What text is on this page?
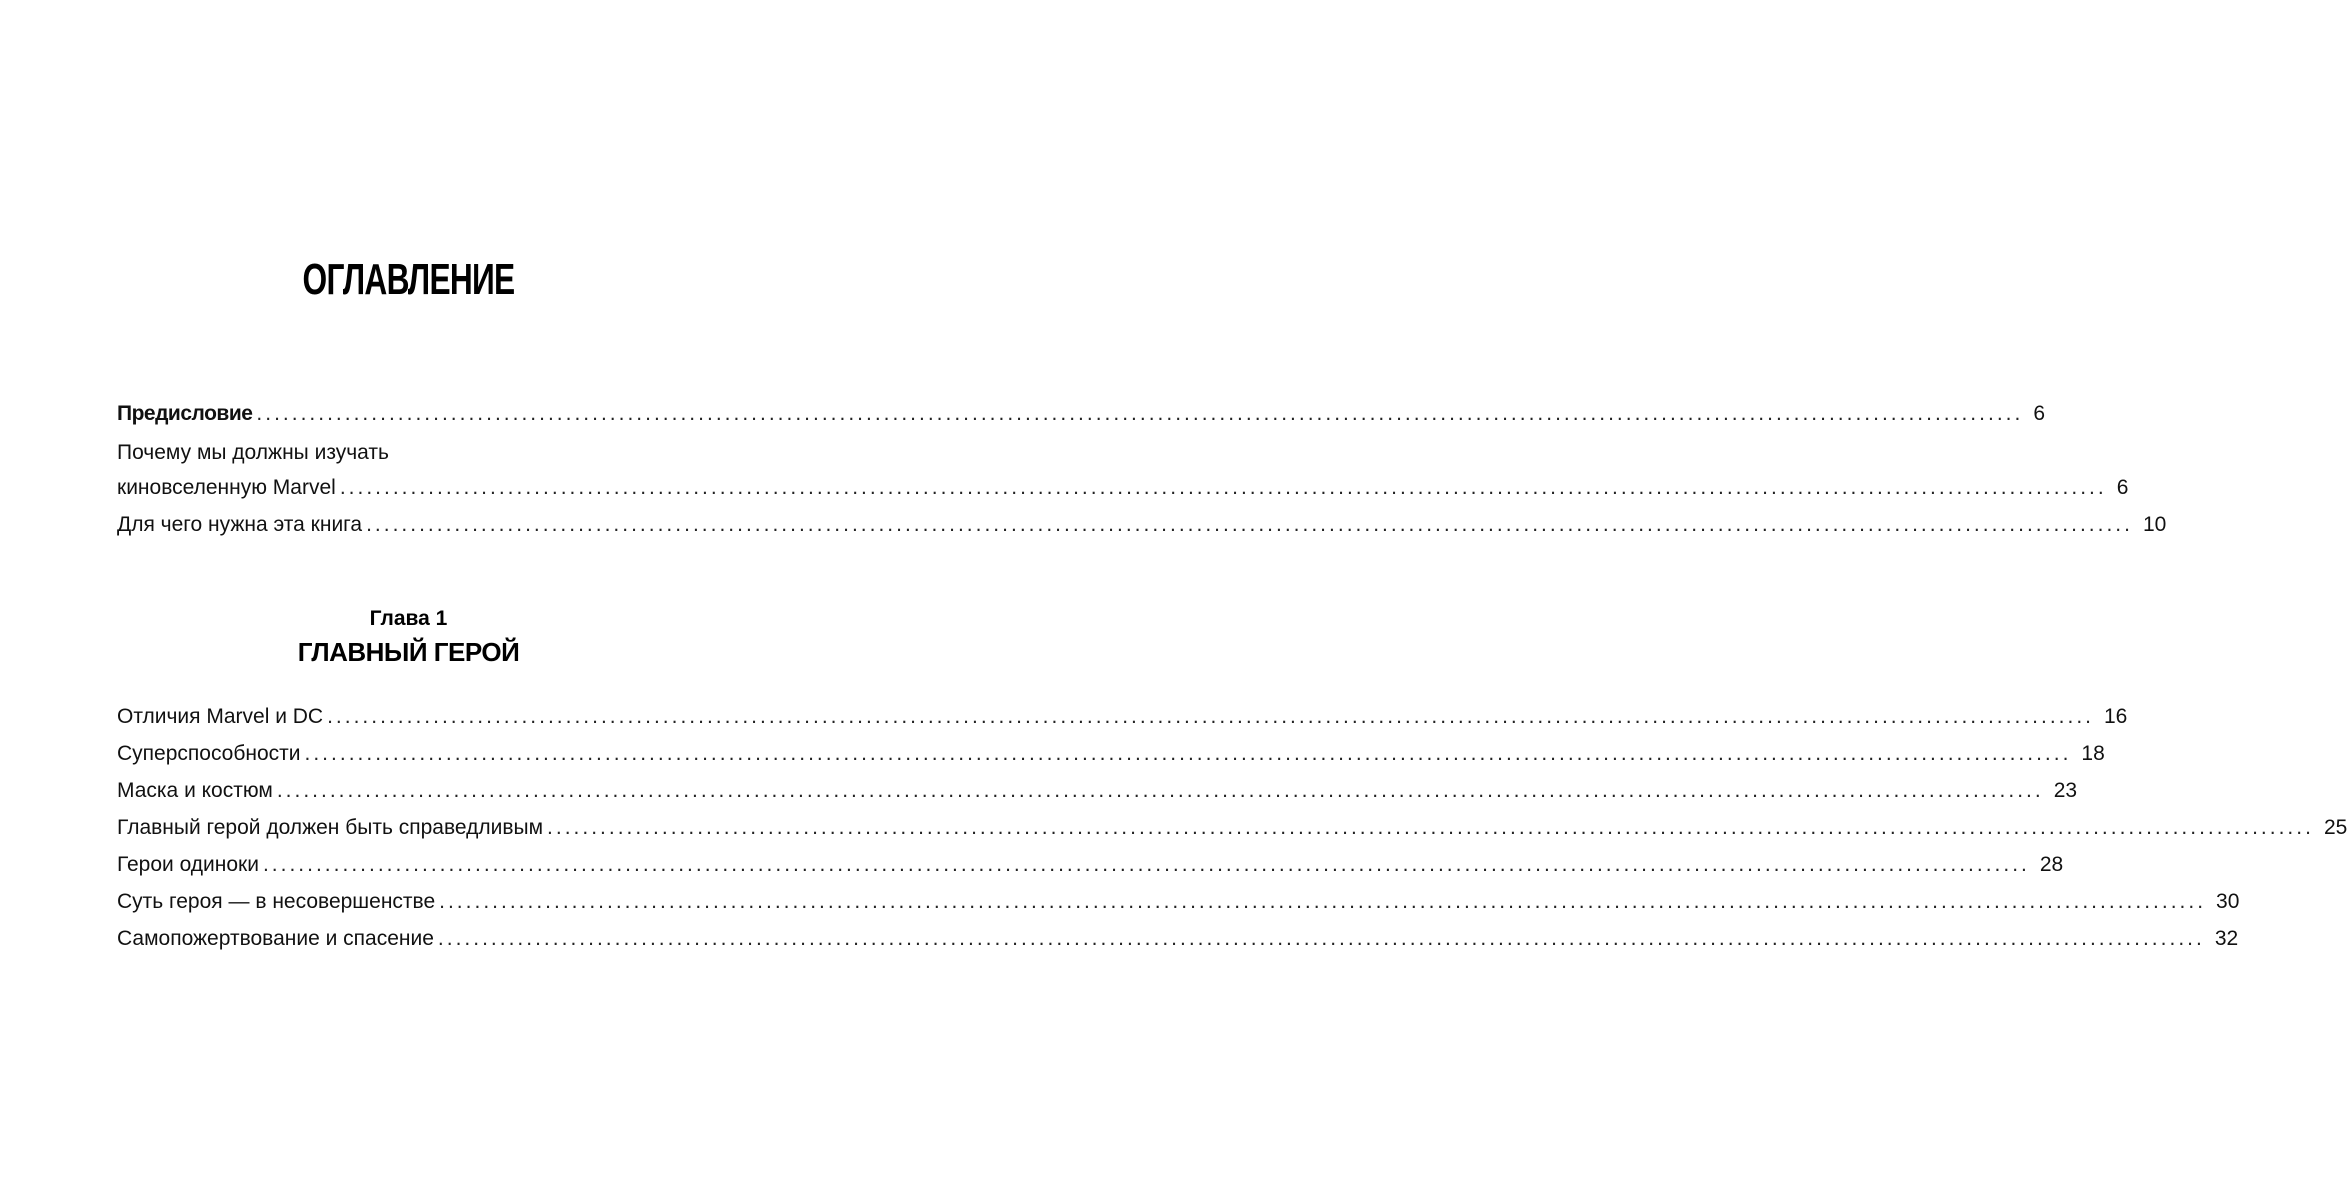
ОГЛАВЛЕНИЕ
Предисловие ........................................................................................................................................................................................................ 6
Почему мы должны изучать
киновселенную Marvel ........................................................................................................................................................................................................ 6
Для чего нужна эта книга ........................................................................................................................................................................................................ 10
Глава 1
ГЛАВНЫЙ ГЕРОЙ
Отличия Marvel и DC ........................................................................................................................................................................................................ 16
Суперспособности ........................................................................................................................................................................................................ 18
Маска и костюм ........................................................................................................................................................................................................ 23
Главный герой должен быть справедливым ........................................................................................................................................................................................................ 25
Герои одиноки ........................................................................................................................................................................................................ 28
Суть героя — в несовершенстве ........................................................................................................................................................................................................ 30
Самопожертвование и спасение ........................................................................................................................................................................................................ 32
